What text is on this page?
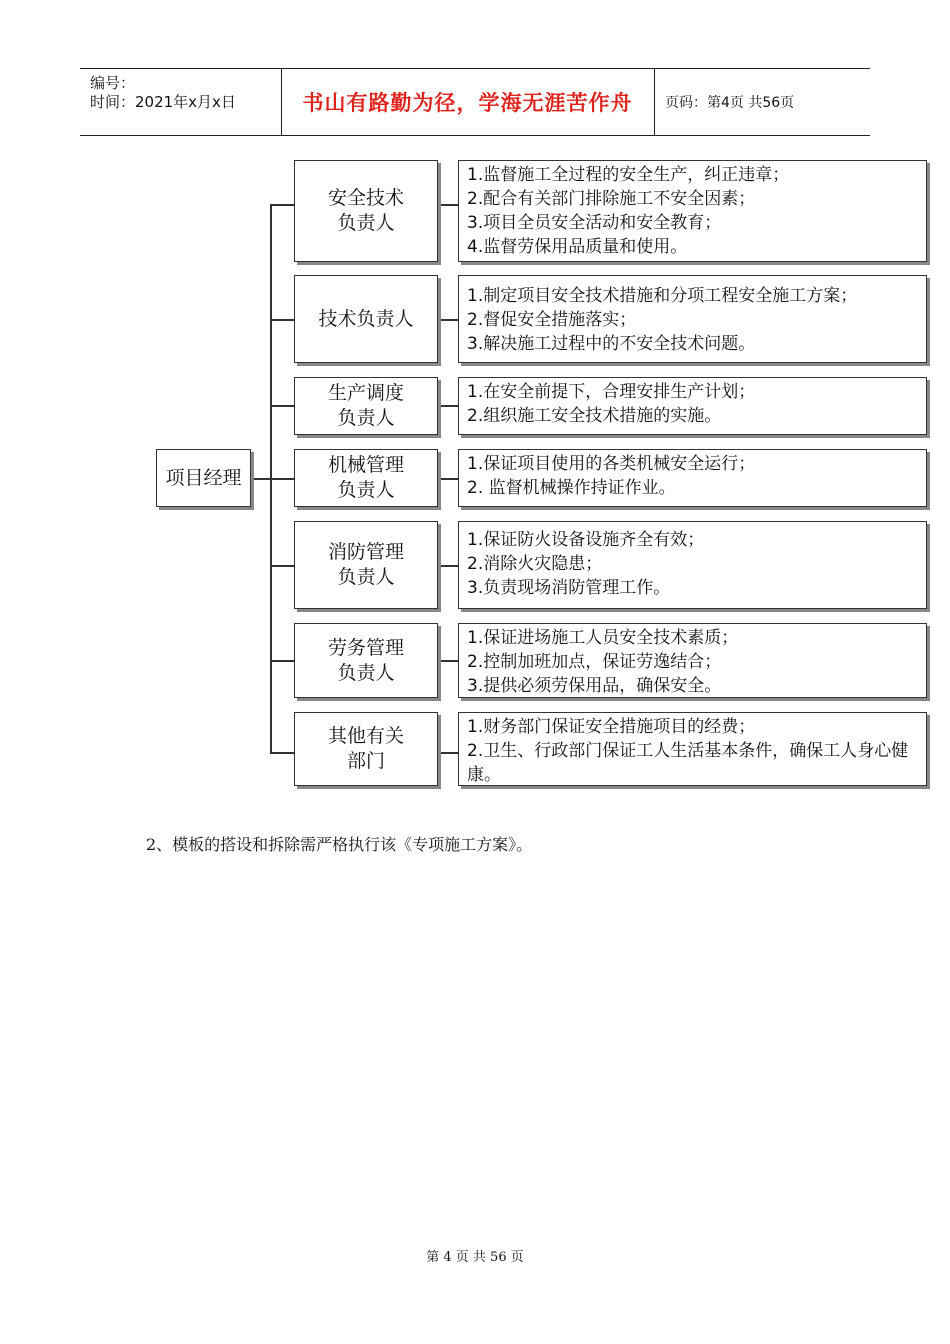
编号：
时间：2021年x月x日	书山有路勤为径，学海无涯苦作舟 页码：第4页 共56页
项目经理
安全技术
负责人
1.监督施工全过程的安全生产，纠正违章；
2.配合有关部门排除施工不安全因素；
3.项目全员安全活动和安全教育；
4.监督劳保用品质量和使用。
技术负责人
1.制定项目安全技术措施和分项工程安全施工方案；
2.督促安全措施落实；
3.解决施工过程中的不安全技术问题。
生产调度
负责人
1.在安全前提下，合理安排生产计划；
2.组织施工安全技术措施的实施。
机械管理
负责人
1.保证项目使用的各类机械安全运行；
2. 监督机械操作持证作业。
消防管理
负责人
1.保证防火设备设施齐全有效；
2.消除火灾隐患；
3.负责现场消防管理工作。
劳务管理
负责人
1.保证进场施工人员安全技术素质；
2.控制加班加点，保证劳逸结合；
3.提供必须劳保用品，确保安全。
其他有关
部门
1.财务部门保证安全措施项目的经费；
2.卫生、行政部门保证工人生活基本条件，确保工人身心健康。
2、模板的搭设和拆除需严格执行该《专项施工方案》。
第 4 页 共 56 页
